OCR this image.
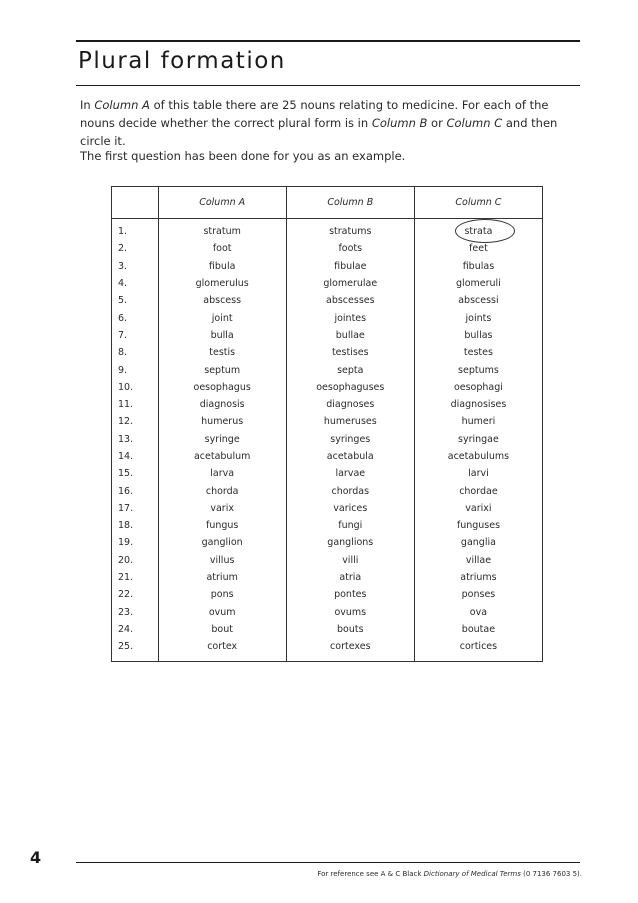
Plural formation

In Column A of this table there are 25 nouns relating to medicine. For each of the nouns decide whether the correct plural form is in Column B or Column C and then circle it.

The first question has been done for you as an example.

	Column A	Column B	Column C
1.	stratum	stratums	strata
2.	foot	foots	feet
3.	fibula	fibulae	fibulas
4.	glomerulus	glomerulae	glomeruli
5.	abscess	abscesses	abscessi
6.	joint	jointes	joints
7.	bulla	bullae	bullas
8.	testis	testises	testes
9.	septum	septa	septums
10.	oesophagus	oesophaguses	oesophagi
11.	diagnosis	diagnoses	diagnosises
12.	humerus	humeruses	humeri
13.	syringe	syringes	syringae
14.	acetabulum	acetabula	acetabulums
15.	larva	larvae	larvi
16.	chorda	chordas	chordae
17.	varix	varices	varixi
18.	fungus	fungi	funguses
19.	ganglion	ganglions	ganglia
20.	villus	villi	villae
21.	atrium	atria	atriums
22.	pons	pontes	ponses
23.	ovum	ovums	ova
24.	bout	bouts	boutae
25.	cortex	cortexes	cortices
4
For reference see A & C Black Dictionary of Medical Terms (0 7136 7603 5).
